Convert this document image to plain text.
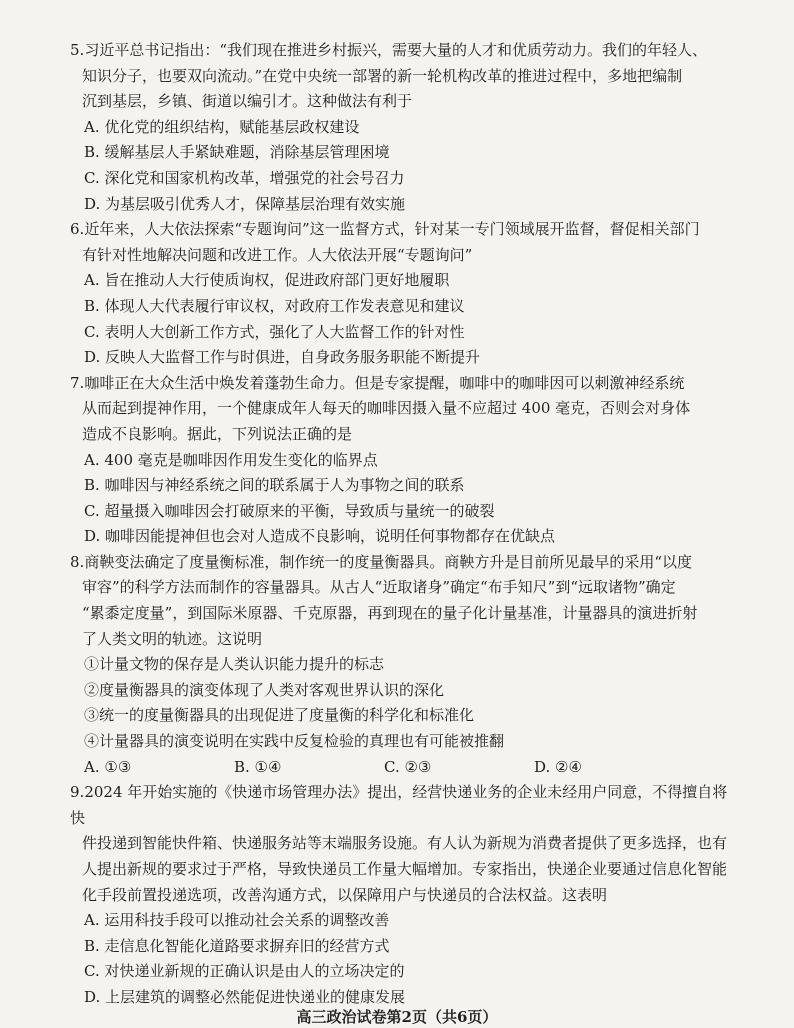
5.习近平总书记指出：“我们现在推进乡村振兴，需要大量的人才和优质劳动力。我们的年轻人、

知识分子，也要双向流动。”在党中央统一部署的新一轮机构改革的推进过程中，多地把编制

沉到基层，乡镇、街道以编引才。这种做法有利于

A. 优化党的组织结构，赋能基层政权建设

B. 缓解基层人手紧缺难题，消除基层管理困境

C. 深化党和国家机构改革，增强党的社会号召力

D. 为基层吸引优秀人才，保障基层治理有效实施

6.近年来，人大依法探索“专题询问”这一监督方式，针对某一专门领域展开监督，督促相关部门

有针对性地解决问题和改进工作。人大依法开展“专题询问”

A. 旨在推动人大行使质询权，促进政府部门更好地履职

B. 体现人大代表履行审议权，对政府工作发表意见和建议

C. 表明人大创新工作方式，强化了人大监督工作的针对性

D. 反映人大监督工作与时俱进，自身政务服务职能不断提升

7.咖啡正在大众生活中焕发着蓬勃生命力。但是专家提醒，咖啡中的咖啡因可以刺激神经系统

从而起到提神作用，一个健康成年人每天的咖啡因摄入量不应超过 400 毫克，否则会对身体

造成不良影响。据此，下列说法正确的是

A. 400 毫克是咖啡因作用发生变化的临界点

B. 咖啡因与神经系统之间的联系属于人为事物之间的联系

C. 超量摄入咖啡因会打破原来的平衡，导致质与量统一的破裂

D. 咖啡因能提神但也会对人造成不良影响，说明任何事物都存在优缺点

8.商鞅变法确定了度量衡标准，制作统一的度量衡器具。商鞅方升是目前所见最早的采用“以度

审容”的科学方法而制作的容量器具。从古人“近取诸身”确定“布手知尺”到“远取诸物”确定

“累黍定度量”，到国际米原器、千克原器，再到现在的量子化计量基准，计量器具的演进折射

了人类文明的轨迹。这说明

①计量文物的保存是人类认识能力提升的标志

②度量衡器具的演变体现了人类对客观世界认识的深化

③统一的度量衡器具的出现促进了度量衡的科学化和标准化

④计量器具的演变说明在实践中反复检验的真理也有可能被推翻

A. ①③	B. ①④	C. ②③	D. ②④

9.2024 年开始实施的《快递市场管理办法》提出，经营快递业务的企业未经用户同意，不得擅自将快

件投递到智能快件箱、快递服务站等末端服务设施。有人认为新规为消费者提供了更多选择，也有

人提出新规的要求过于严格，导致快递员工作量大幅增加。专家指出，快递企业要通过信息化智能

化手段前置投递选项，改善沟通方式，以保障用户与快递员的合法权益。这表明

A. 运用科技手段可以推动社会关系的调整改善

B. 走信息化智能化道路要求摒弃旧的经营方式

C. 对快递业新规的正确认识是由人的立场决定的

D. 上层建筑的调整必然能促进快递业的健康发展

高三政治试卷第2页（共6页）
